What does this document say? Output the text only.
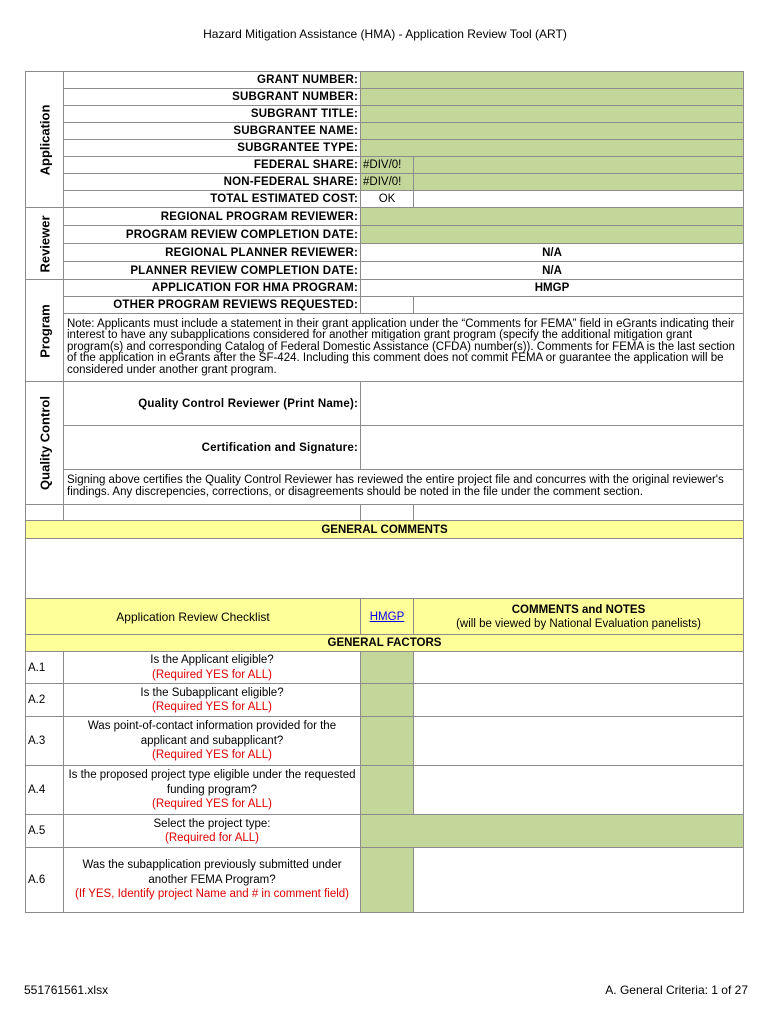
Hazard Mitigation Assistance (HMA) - Application Review Tool (ART)
Application	GRANT NUMBER:		
	SUBGRANT NUMBER:		
	SUBGRANT TITLE:		
	SUBGRANTEE NAME:		
	SUBGRANTEE TYPE:		
	FEDERAL SHARE:	#DIV/0!	
	NON-FEDERAL SHARE:	#DIV/0!	
	TOTAL ESTIMATED COST:	OK	

Reviewer	REGIONAL PROGRAM REVIEWER:		
	PROGRAM REVIEW COMPLETION DATE:		
	REGIONAL PLANNER REVIEWER:	N/A	
	PLANNER REVIEW COMPLETION DATE:	N/A	

Program	APPLICATION FOR HMA PROGRAM:	HMGP	
	OTHER PROGRAM REVIEWS REQUESTED:		
	Note: Applicants must include a statement in their grant application under the “Comments for FEMA” field in eGrants indicating their interest to have any subapplications considered for another mitigation grant program (specify the additional mitigation grant program(s) and corresponding Catalog of Federal Domestic Assistance (CFDA) number(s)). Comments for FEMA is the last section of the application in eGrants after the SF-424. Including this comment does not commit FEMA or guarantee the application will be considered under another grant program.		

Quality Control	Quality Control Reviewer (Print Name):		
	Certification and Signature:		
	Signing above certifies the Quality Control Reviewer has reviewed the entire project file and concurres with the original reviewer's findings. Any discrepencies, corrections, or disagreements should be noted in the file under the comment section.		

GENERAL COMMENTS			

Application Review Checklist		HMGP	COMMENTS and NOTES
(will be viewed by National Evaluation panelists)

GENERAL FACTORS			
A.1	Is the Applicant eligible?
(Required YES for ALL)		

A.2	Is the Subapplicant eligible?
(Required YES for ALL)		

A.3	Was point-of-contact information provided for the applicant and subapplicant?
(Required YES for ALL)		

A.4	Is the proposed project type eligible under the requested funding program?
(Required YES for ALL)		

A.5	Select the project type:
(Required for ALL)		

A.6	Was the subapplication previously submitted under another FEMA Program?
(If YES, Identify project Name and # in comment field)		

551761561.xlsx	A. General Criteria: 1 of 27
